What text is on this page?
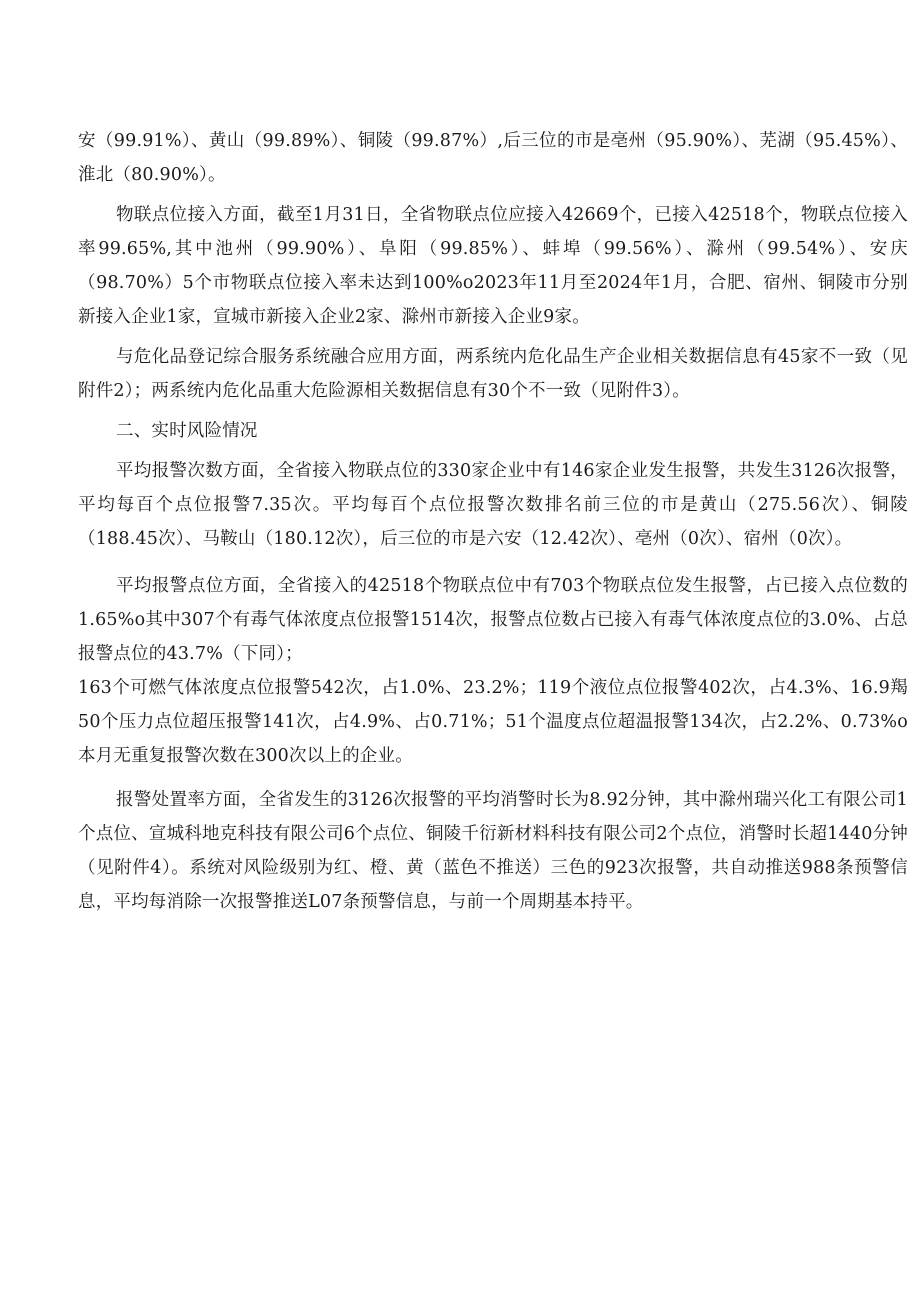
安（99.91%）、黄山（99.89%）、铜陵（99.87%）,后三位的市是亳州（95.90%）、芜湖（95.45%）、淮北（80.90%）。

物联点位接入方面，截至1月31日，全省物联点位应接入42669个，已接入42518个，物联点位接入率99.65%,其中池州（99.90%）、阜阳（99.85%）、蚌埠（99.56%）、滁州（99.54%）、安庆（98.70%）5个市物联点位接入率未达到100%o2023年11月至2024年1月，合肥、宿州、铜陵市分别新接入企业1家，宣城市新接入企业2家、滁州市新接入企业9家。

与危化品登记综合服务系统融合应用方面，两系统内危化品生产企业相关数据信息有45家不一致（见附件2）；两系统内危化品重大危险源相关数据信息有30个不一致（见附件3）。

二、实时风险情况

平均报警次数方面，全省接入物联点位的330家企业中有146家企业发生报警，共发生3126次报警，平均每百个点位报警7.35次。平均每百个点位报警次数排名前三位的市是黄山（275.56次）、铜陵（188.45次）、马鞍山（180.12次），后三位的市是六安（12.42次）、亳州（0次）、宿州（0次）。

平均报警点位方面，全省接入的42518个物联点位中有703个物联点位发生报警，占已接入点位数的1.65%o其中307个有毒气体浓度点位报警1514次，报警点位数占已接入有毒气体浓度点位的3.0%、占总报警点位的43.7%（下同）；

163个可燃气体浓度点位报警542次，占1.0%、23.2%；119个液位点位报警402次，占4.3%、16.9羯50个压力点位超压报警141次，占4.9%、占0.71%；51个温度点位超温报警134次，占2.2%、0.73%o本月无重复报警次数在300次以上的企业。

报警处置率方面，全省发生的3126次报警的平均消警时长为8.92分钟，其中滁州瑞兴化工有限公司1个点位、宣城科地克科技有限公司6个点位、铜陵千衍新材料科技有限公司2个点位，消警时长超1440分钟（见附件4）。系统对风险级别为红、橙、黄（蓝色不推送）三色的923次报警，共自动推送988条预警信息，平均每消除一次报警推送L07条预警信息，与前一个周期基本持平。
